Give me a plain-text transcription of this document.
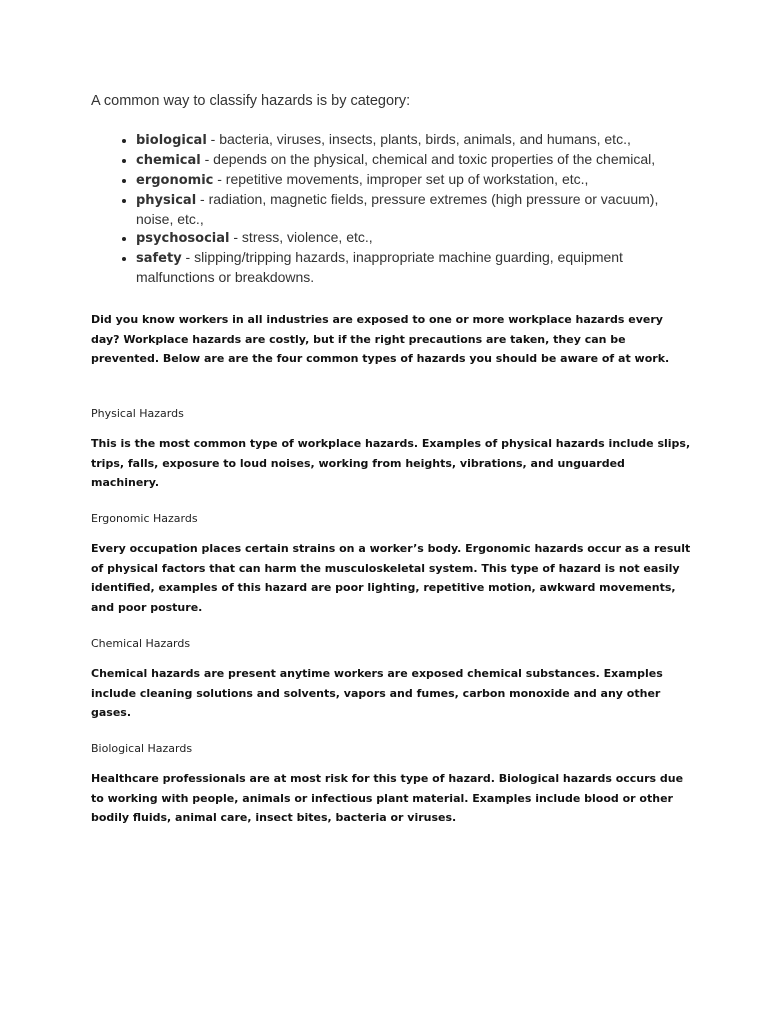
A common way to classify hazards is by category:

• biological - bacteria, viruses, insects, plants, birds, animals, and humans, etc.,
• chemical - depends on the physical, chemical and toxic properties of the chemical,
• ergonomic - repetitive movements, improper set up of workstation, etc.,
• physical - radiation, magnetic fields, pressure extremes (high pressure or vacuum), noise, etc.,
• psychosocial - stress, violence, etc.,
• safety - slipping/tripping hazards, inappropriate machine guarding, equipment malfunctions or breakdowns.

Did you know workers in all industries are exposed to one or more workplace hazards every day? Workplace hazards are costly, but if the right precautions are taken, they can be prevented. Below are are the four common types of hazards you should be aware of at work.

Physical Hazards

This is the most common type of workplace hazards. Examples of physical hazards include slips, trips, falls, exposure to loud noises, working from heights, vibrations, and unguarded machinery.

Ergonomic Hazards

Every occupation places certain strains on a worker’s body. Ergonomic hazards occur as a result of physical factors that can harm the musculoskeletal system. This type of hazard is not easily identified, examples of this hazard are poor lighting, repetitive motion, awkward movements, and poor posture.

Chemical Hazards

Chemical hazards are present anytime workers are exposed chemical substances. Examples include cleaning solutions and solvents, vapors and fumes, carbon monoxide and any other gases.

Biological Hazards

Healthcare professionals are at most risk for this type of hazard. Biological hazards occurs due to working with people, animals or infectious plant material. Examples include blood or other bodily fluids, animal care, insect bites, bacteria or viruses.
